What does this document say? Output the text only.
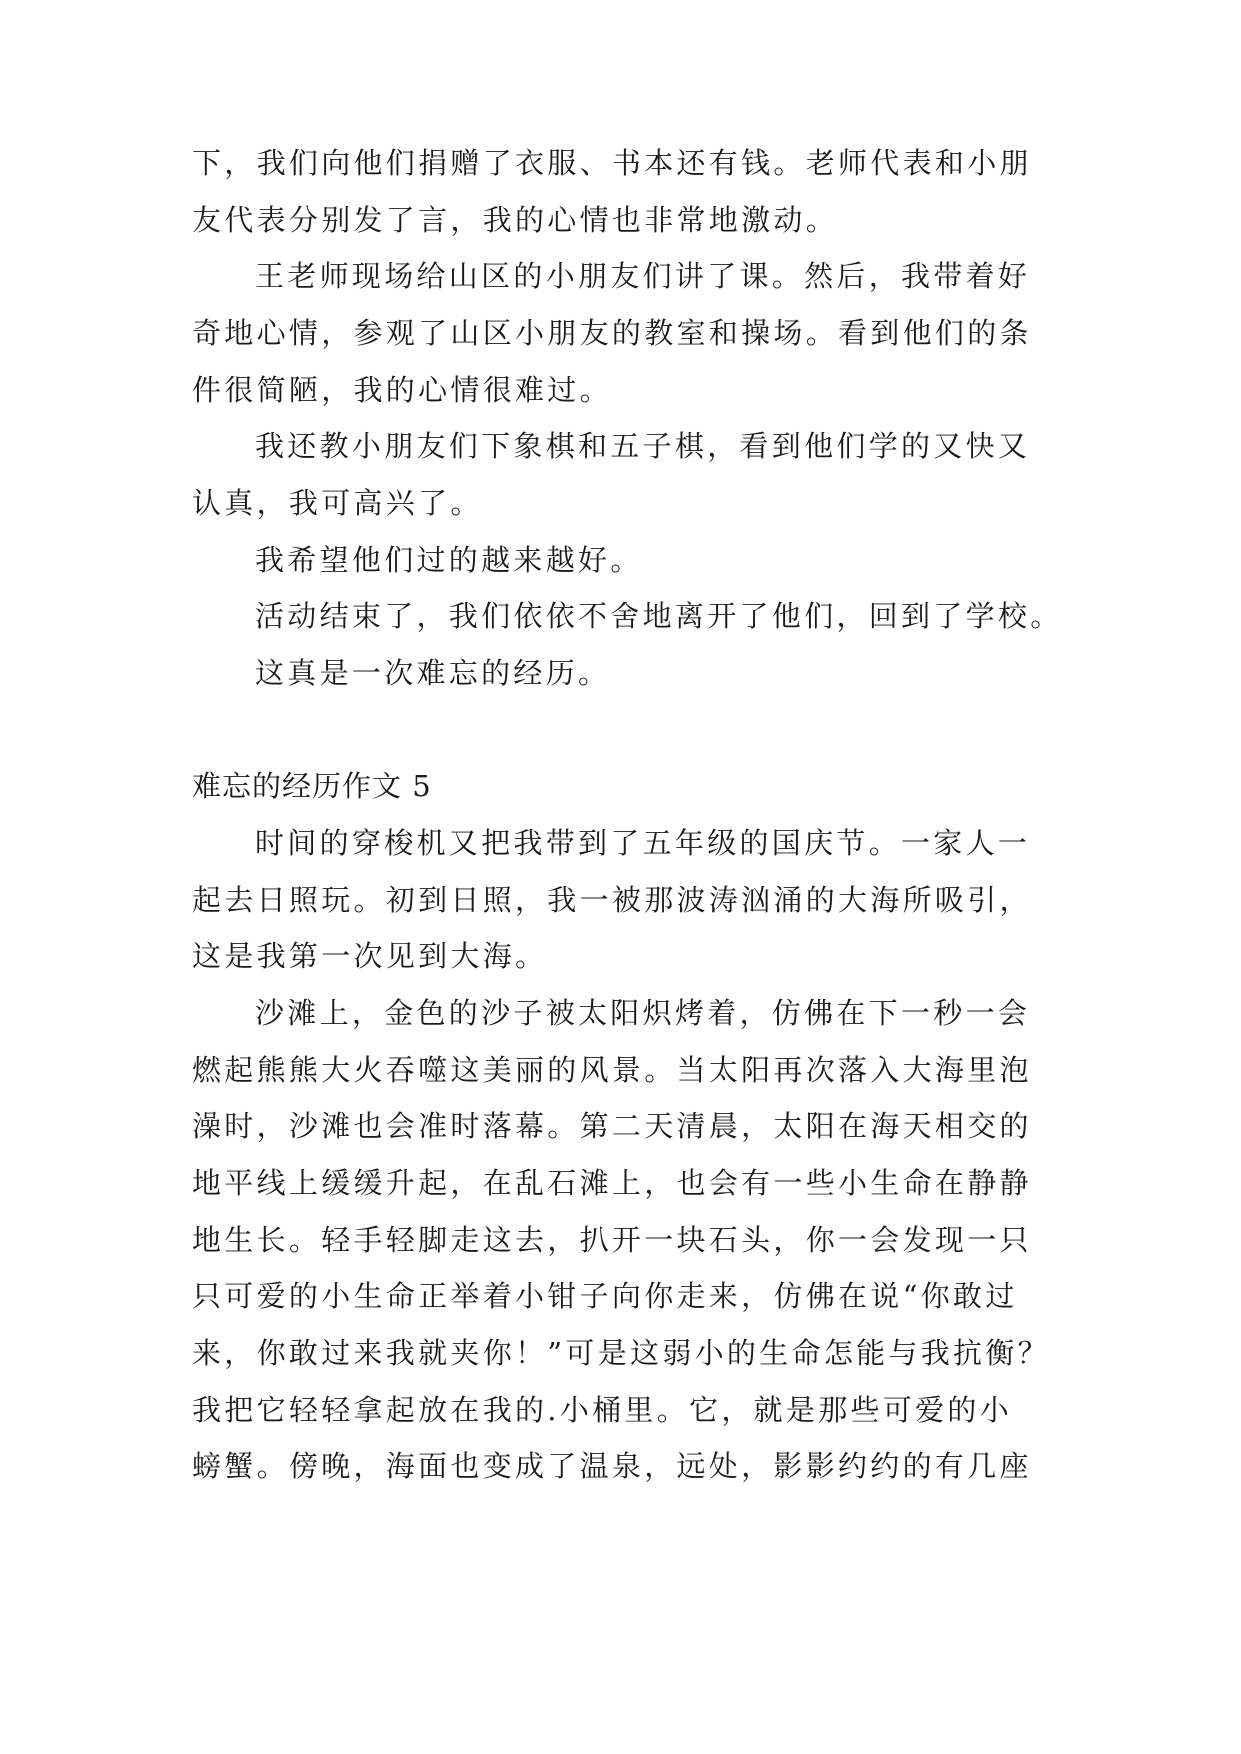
下，我们向他们捐赠了衣服、书本还有钱。老师代表和小朋
友代表分别发了言，我的心情也非常地激动。
王老师现场给山区的小朋友们讲了课。然后，我带着好
奇地心情，参观了山区小朋友的教室和操场。看到他们的条
件很简陋，我的心情很难过。
我还教小朋友们下象棋和五子棋，看到他们学的又快又
认真，我可高兴了。
我希望他们过的越来越好。
活动结束了，我们依依不舍地离开了他们，回到了学校。
这真是一次难忘的经历。
难忘的经历作文 5
时间的穿梭机又把我带到了五年级的国庆节。一家人一
起去日照玩。初到日照，我一被那波涛汹涌的大海所吸引，
这是我第一次见到大海。
沙滩上，金色的沙子被太阳炽烤着，仿佛在下一秒一会
燃起熊熊大火吞噬这美丽的风景。当太阳再次落入大海里泡
澡时，沙滩也会准时落幕。第二天清晨，太阳在海天相交的
地平线上缓缓升起，在乱石滩上，也会有一些小生命在静静
地生长。轻手轻脚走这去，扒开一块石头，你一会发现一只
只可爱的小生命正举着小钳子向你走来，仿佛在说“你敢过
来，你敢过来我就夹你！”可是这弱小的生命怎能与我抗衡？
我把它轻轻拿起放在我的.小桶里。它，就是那些可爱的小
螃蟹。傍晚，海面也变成了温泉，远处，影影约约的有几座
